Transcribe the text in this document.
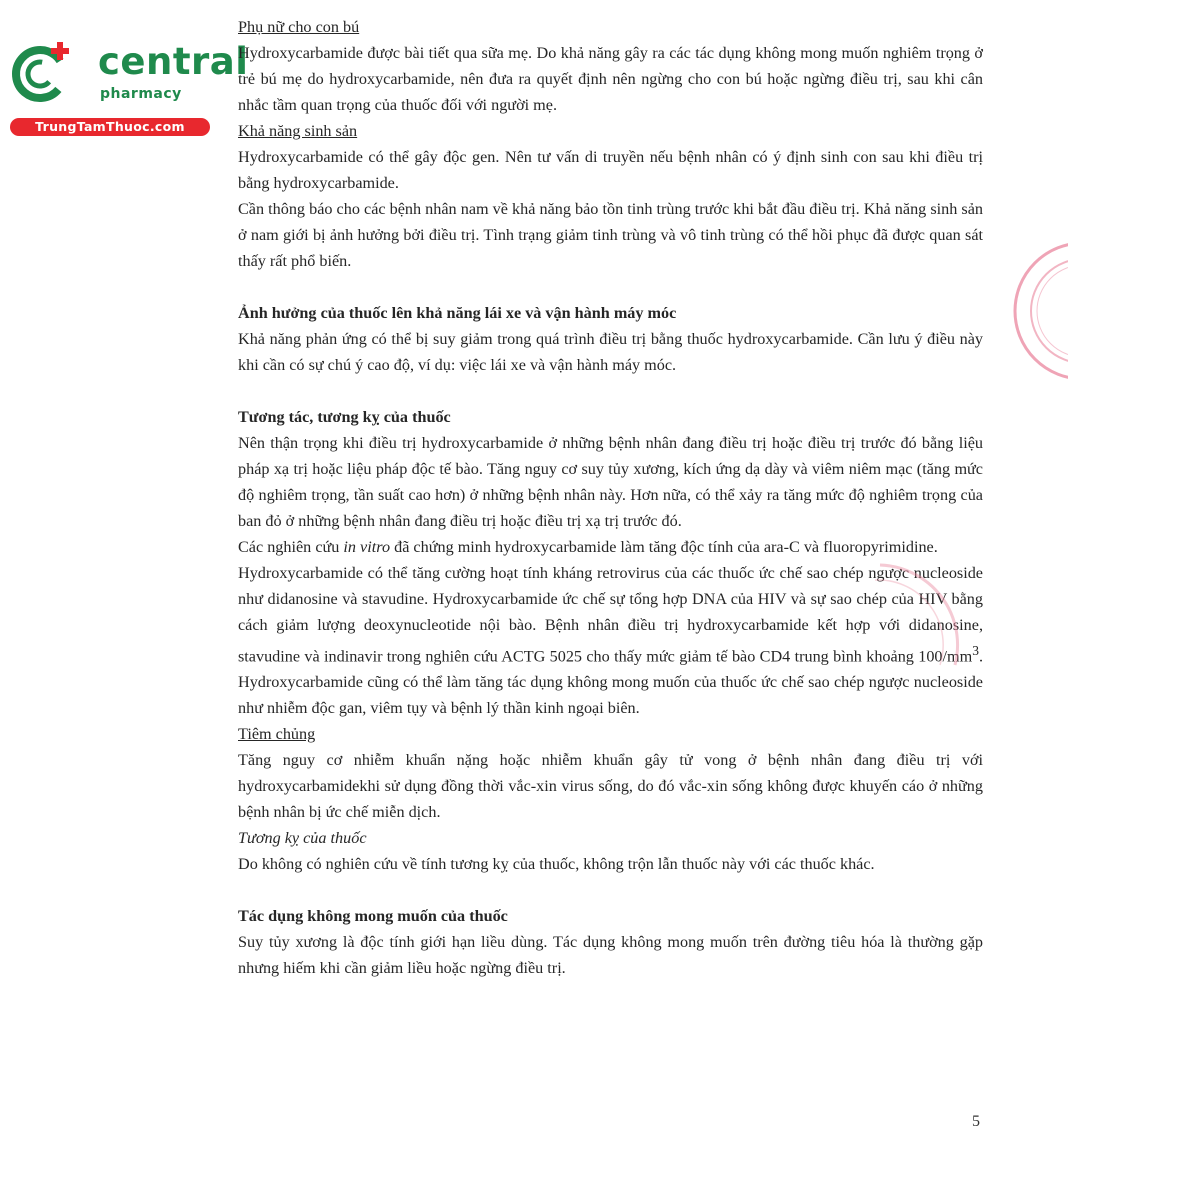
central
pharmacy
TrungTamThuoc.com

Phụ nữ cho con bú

Hydroxycarbamide được bài tiết qua sữa mẹ. Do khả năng gây ra các tác dụng không mong muốn nghiêm trọng ở trẻ bú mẹ do hydroxycarbamide, nên đưa ra quyết định nên ngừng cho con bú hoặc ngừng điều trị, sau khi cân nhắc tầm quan trọng của thuốc đối với người mẹ.

Khả năng sinh sản

Hydroxycarbamide có thể gây độc gen. Nên tư vấn di truyền nếu bệnh nhân có ý định sinh con sau khi điều trị bằng hydroxycarbamide.

Cần thông báo cho các bệnh nhân nam về khả năng bảo tồn tinh trùng trước khi bắt đầu điều trị. Khả năng sinh sản ở nam giới bị ảnh hưởng bởi điều trị. Tình trạng giảm tinh trùng và vô tinh trùng có thể hồi phục đã được quan sát thấy rất phổ biến.

Ảnh hưởng của thuốc lên khả năng lái xe và vận hành máy móc

Khả năng phản ứng có thể bị suy giảm trong quá trình điều trị bằng thuốc hydroxycarbamide. Cần lưu ý điều này khi cần có sự chú ý cao độ, ví dụ: việc lái xe và vận hành máy móc.

Tương tác, tương kỵ của thuốc

Nên thận trọng khi điều trị hydroxycarbamide ở những bệnh nhân đang điều trị hoặc điều trị trước đó bằng liệu pháp xạ trị hoặc liệu pháp độc tế bào. Tăng nguy cơ suy tủy xương, kích ứng dạ dày và viêm niêm mạc (tăng mức độ nghiêm trọng, tần suất cao hơn) ở những bệnh nhân này. Hơn nữa, có thể xảy ra tăng mức độ nghiêm trọng của ban đỏ ở những bệnh nhân đang điều trị hoặc điều trị xạ trị trước đó.

Các nghiên cứu in vitro đã chứng minh hydroxycarbamide làm tăng độc tính của ara-C và fluoropyrimidine.

Hydroxycarbamide có thể tăng cường hoạt tính kháng retrovirus của các thuốc ức chế sao chép ngược nucleoside như didanosine và stavudine. Hydroxycarbamide ức chế sự tổng hợp DNA của HIV và sự sao chép của HIV bằng cách giảm lượng deoxynucleotide nội bào. Bệnh nhân điều trị hydroxycarbamide kết hợp với didanosine, stavudine và indinavir trong nghiên cứu ACTG 5025 cho thấy mức giảm tế bào CD4 trung bình khoảng $100/mm^3$. Hydroxycarbamide cũng có thể làm tăng tác dụng không mong muốn của thuốc ức chế sao chép ngược nucleoside như nhiễm độc gan, viêm tụy và bệnh lý thần kinh ngoại biên.

Tiêm chủng

Tăng nguy cơ nhiễm khuẩn nặng hoặc nhiễm khuẩn gây tử vong ở bệnh nhân đang điều trị với hydroxycarbamidekhi sử dụng đồng thời vắc-xin virus sống, do đó vắc-xin sống không được khuyến cáo ở những bệnh nhân bị ức chế miễn dịch.

Tương kỵ của thuốc

Do không có nghiên cứu về tính tương kỵ của thuốc, không trộn lẫn thuốc này với các thuốc khác.

Tác dụng không mong muốn của thuốc

Suy tủy xương là độc tính giới hạn liều dùng. Tác dụng không mong muốn trên đường tiêu hóa là thường gặp nhưng hiếm khi cần giảm liều hoặc ngừng điều trị.

5
